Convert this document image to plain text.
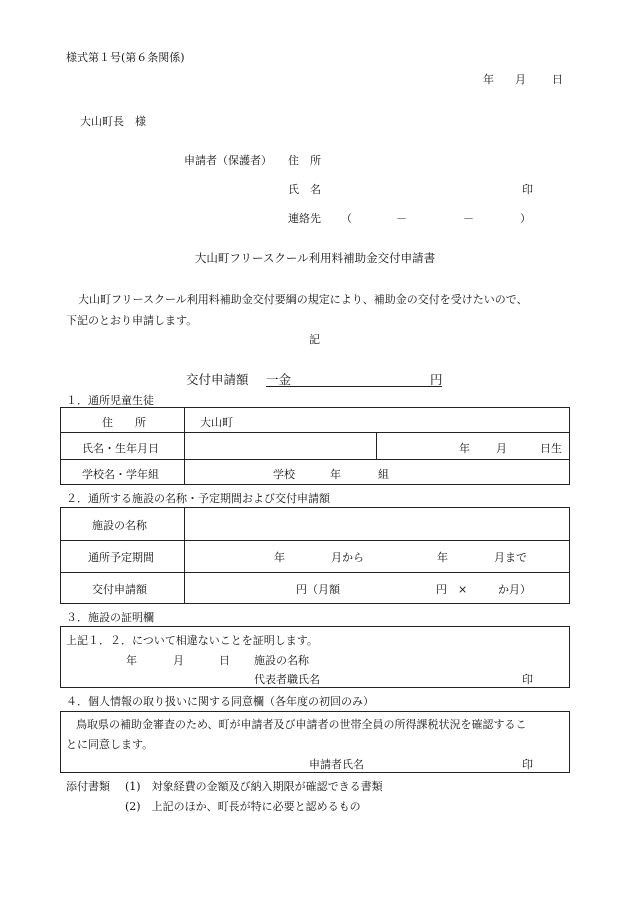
様式第１号(第６条関係)
年 月 日
大山町長　様
申請者（保護者） 住　所
氏　名	印
連絡先 （	－	－	）
大山町フリースクール利用料補助金交付申請書
大山町フリースクール利用料補助金交付要綱の規定により、補助金の交付を受けたいので、
下記のとおり申請します。
記
交付申請額 一金	円
１．通所児童生徒
住　　所	大山町
氏名・生年月日	年 月	日生
学校名・学年組	学校	年	組
２．通所する施設の名称・予定期間および交付申請額
施設の名称
通所予定期間	年	月から	年	月まで
交付申請額	円（月額	円　×	か月）
３．施設の証明欄
上記１．２．について相違ないことを証明します。
年	月	日 施設の名称
代表者職氏名	印
４．個人情報の取り扱いに関する同意欄（各年度の初回のみ）
鳥取県の補助金審査のため、町が申請者及び申請者の世帯全員の所得課税状況を確認するこ
とに同意します。
申請者氏名	印
添付書類 (1)　対象経費の金額及び納入期限が確認できる書類
(2)　上記のほか、町長が特に必要と認めるもの
